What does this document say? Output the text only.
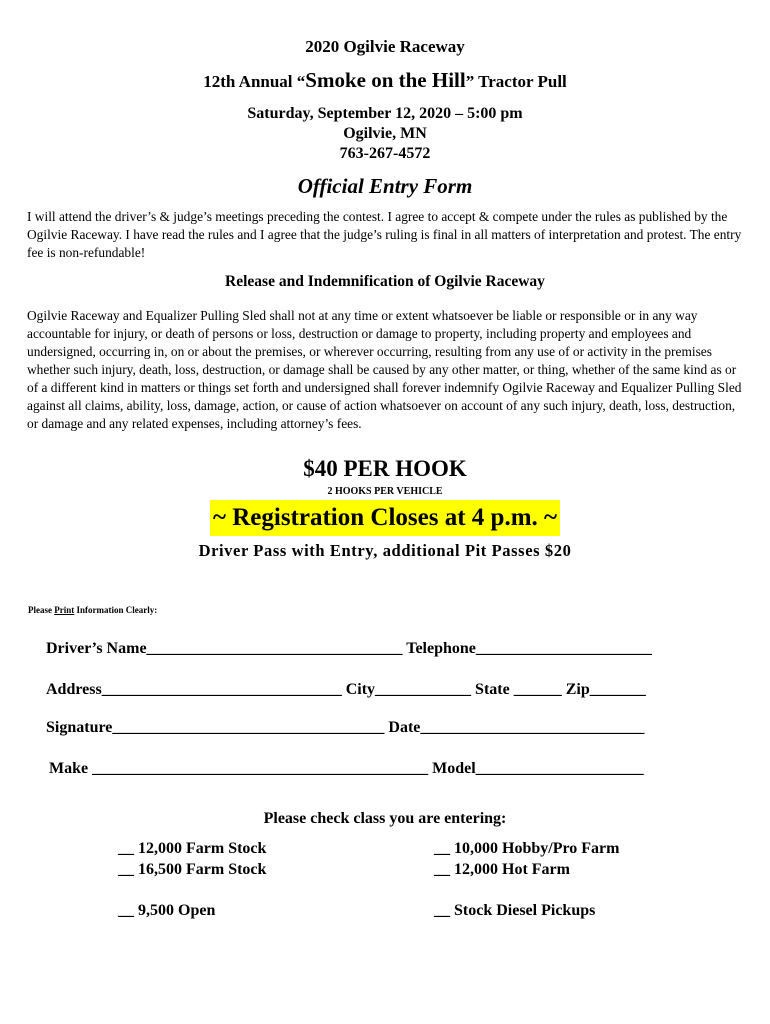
2020 Ogilvie Raceway
12th Annual “Smoke on the Hill” Tractor Pull
Saturday, September 12, 2020 – 5:00 pm
Ogilvie, MN
763-267-4572
Official Entry Form
I will attend the driver’s & judge’s meetings preceding the contest. I agree to accept & compete under the rules as published by the Ogilvie Raceway. I have read the rules and I agree that the judge’s ruling is final in all matters of interpretation and protest. The entry fee is non-refundable!
Release and Indemnification of Ogilvie Raceway
Ogilvie Raceway and Equalizer Pulling Sled shall not at any time or extent whatsoever be liable or responsible or in any way accountable for injury, or death of persons or loss, destruction or damage to property, including property and employees and undersigned, occurring in, on or about the premises, or wherever occurring, resulting from any use of or activity in the premises whether such injury, death, loss, destruction, or damage shall be caused by any other matter, or thing, whether of the same kind as or of a different kind in matters or things set forth and undersigned shall forever indemnify Ogilvie Raceway and Equalizer Pulling Sled against all claims, ability, loss, damage, action, or cause of action whatsoever on account of any such injury, death, loss, destruction, or damage and any related expenses, including attorney’s fees.
$40 PER HOOK
2 HOOKS PER VEHICLE
~ Registration Closes at 4 p.m. ~
Driver Pass with Entry, additional Pit Passes $20
Please Print Information Clearly:
Driver’s Name________________________________ Telephone______________________
Address______________________________ City____________ State ______ Zip_______
Signature__________________________________ Date____________________________
Make __________________________________________ Model_____________________
Please check class you are entering:
__ 12,000 Farm Stock
__ 16,500 Farm Stock
__ 9,500 Open
__ 10,000 Hobby/Pro Farm
__ 12,000 Hot Farm
__ Stock Diesel Pickups
